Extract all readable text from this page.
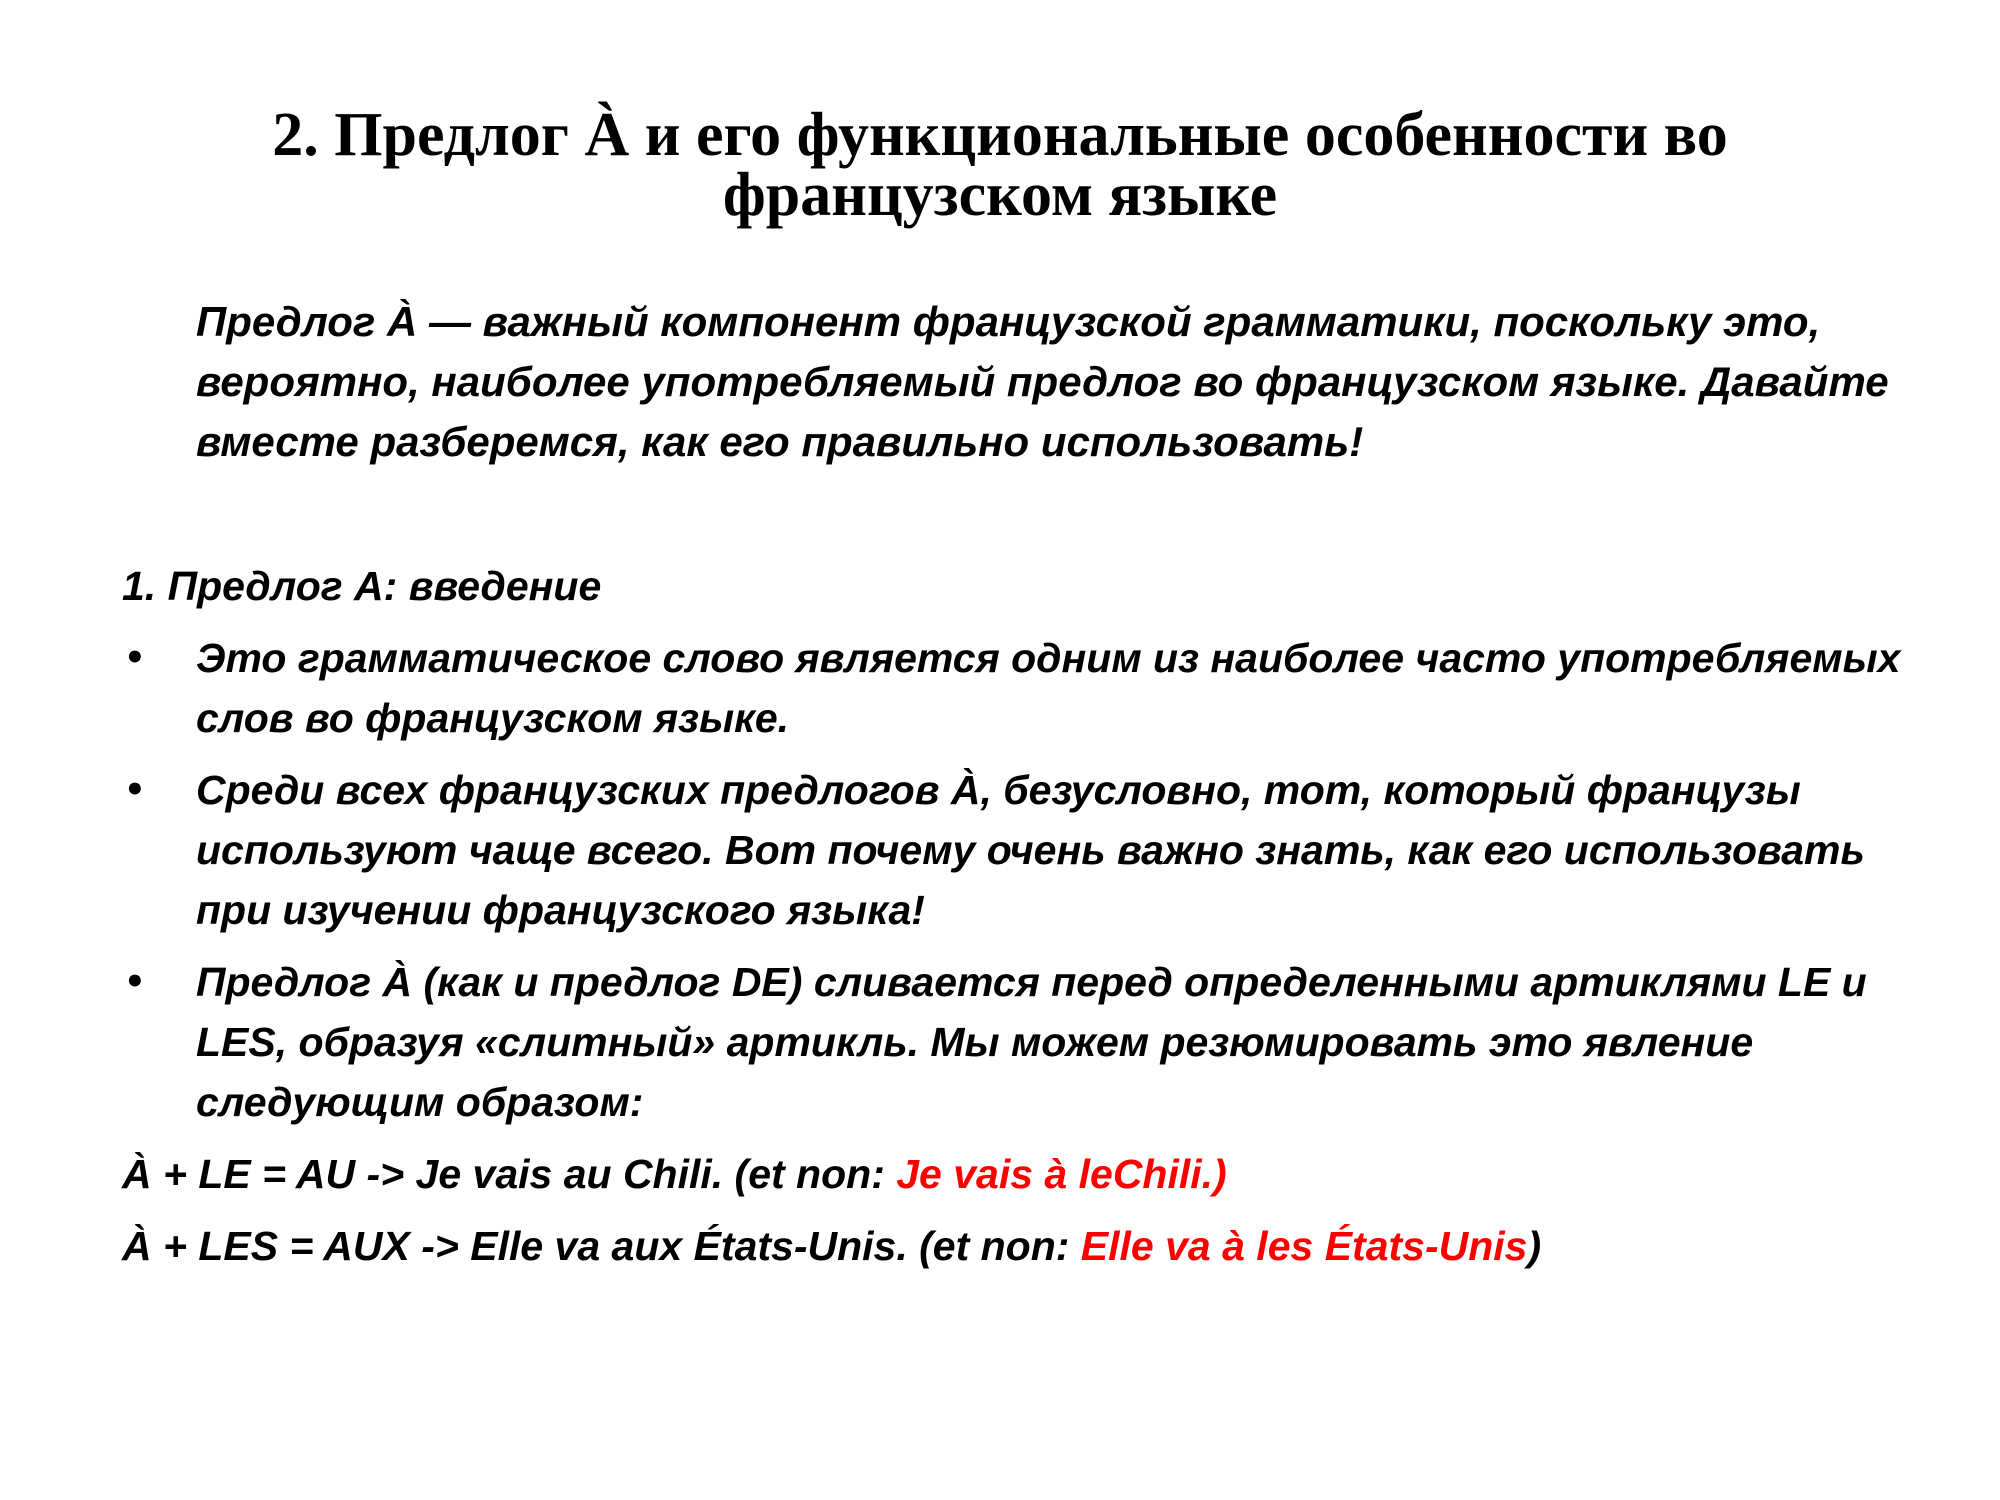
2. Предлог À и его функциональные особенности во
французском языке
Предлог À — важный компонент французской грамматики, поскольку это, вероятно, наиболее употребляемый предлог во французском языке. Давайте вместе разберемся, как его правильно использовать!
1. Предлог A: введение
• Это грамматическое слово является одним из наиболее часто употребляемых слов во французском языке.
• Среди всех французских предлогов À, безусловно, тот, который французы используют чаще всего. Вот почему очень важно знать, как его использовать при изучении французского языка!
• Предлог À (как и предлог DE) сливается перед определенными артиклями LE и LES, образуя «слитный» артикль. Мы можем резюмировать это явление следующим образом:
À + LE = AU -> Je vais au Chili. (et non: Je vais à leChili.)
À + LES = AUX -> Elle va aux États-Unis. (et non: Elle va à les États-Unis)
